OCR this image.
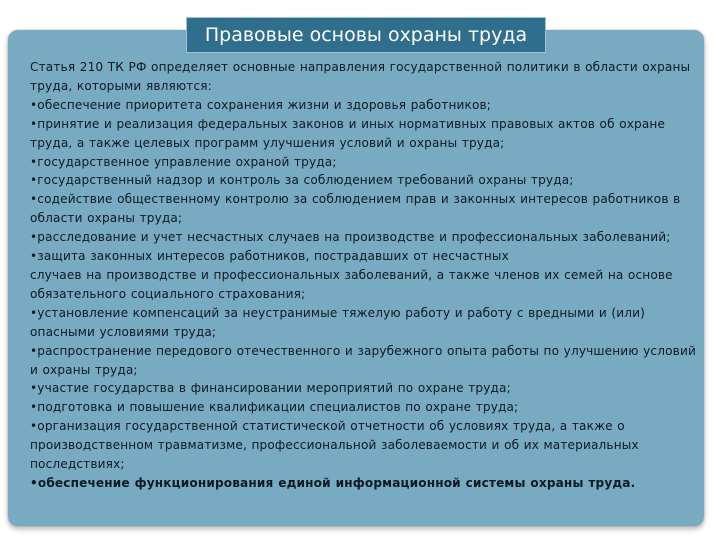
Правовые основы охраны труда

Статья 210 ТК РФ определяет основные направления государственной политики в области охраны труда, которыми являются:

•обеспечение приоритета сохранения жизни и здоровья работников;

•принятие и реализация федеральных законов и иных нормативных правовых актов об охране труда, а также целевых программ улучшения условий и охраны труда;

•государственное управление охраной труда;

•государственный надзор и контроль за соблюдением требований охраны труда;

•содействие общественному контролю за соблюдением прав и законных интересов работников в области охраны труда;

•расследование и учет несчастных случаев на производстве и профессиональных заболеваний;

•защита законных интересов работников, пострадавших от несчастных

случаев на производстве и профессиональных заболеваний, а также членов их семей на основе обязательного социального страхования;

•установление компенсаций за неустранимые тяжелую работу и работу с вредными и (или) опасными условиями труда;

•распространение передового отечественного и зарубежного опыта работы по улучшению условий и охраны труда;

•участие государства в финансировании мероприятий по охране труда;

•подготовка и повышение квалификации специалистов по охране труда;

•организация государственной статистической отчетности об условиях труда, а также о производственном травматизме, профессиональной заболеваемости и об их материальных последствиях;

•обеспечение функционирования единой информационной системы охраны труда.
